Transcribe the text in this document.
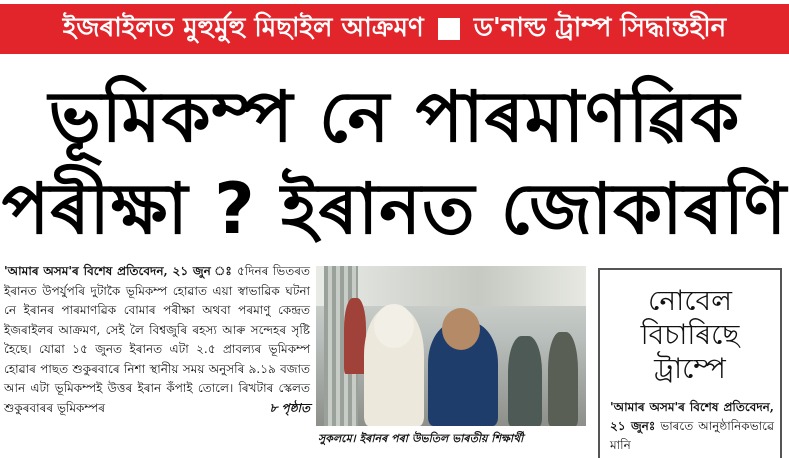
ইজৰাইলত মুহুৰ্মুহু মিছাইল আক্ৰমণ ড'নাল্ড ট্ৰাম্প সিদ্ধান্তহীন
ভূমিকম্প নে পাৰমাণৱিক
পৰীক্ষা ? ইৰানত জোকাৰণি

'আমাৰ অসম'ৰ বিশেষ প্ৰতিবেদন, ২১ জুন ঃ ৫দিনৰ ভিতৰত ইৰানত উপৰ্যুপৰি দুটাকৈ ভূমিকম্প হোৱাত এয়া স্বাভাৱিক ঘটনা নে ইৰানৰ পাৰমাণৱিক বোমাৰ পৰীক্ষা অথবা পৰমাণু কেন্দ্ৰত ইজৰাইলৰ আক্ৰমণ, সেই লৈ বিশ্বজুৰি ৰহস্য আৰু সন্দেহৰ সৃষ্টি হৈছে। যোৱা ১৫ জুনত ইৰানত এটা ২.৫ প্ৰাবল্যৰ ভূমিকম্প হোৱাৰ পাছত শুকুৰবাৰে নিশা স্থানীয় সময় অনুসৰি ৯.১৯ বজাত আন এটা ভূমিকম্পই উত্তৰ ইৰান কঁপাই তোলে। ৰিখটাৰ স্কেলত শুকুৰবাৰৰ ভূমিকম্পৰ	৮ পৃষ্ঠাত

সুকলমে। ইৰানৰ পৰা উভতিল ভাৰতীয় শিক্ষাৰ্থী
নোবেল
বিচাৰিছে
ট্ৰাম্পে
'আমাৰ অসম'ৰ বিশেষ প্ৰতিবেদন, ২১ জুনঃ ভাৰতে আনুষ্ঠানিকভাৱে মানি
